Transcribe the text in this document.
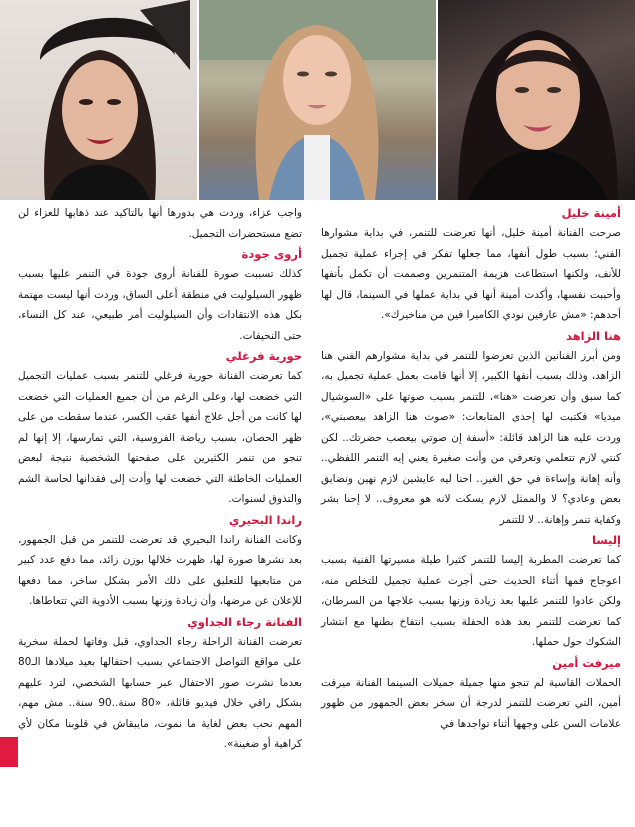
أمينة خليل

صرحت الفنانة أمينة خليل، أنها تعرضت للتنمر، في بداية مشوارها الفني؛ بسبب طول أنفها، مما جعلها تفكر في إجراء عملية تجميل للأنف، ولكنها استطاعت هزيمة المتنمرين وصممت أن تكمل بأنفها وأحببت نفسها، وأكدت أمينة أنها في بداية عملها في السينما، قال لها أحدهم: «مش عارفين نودي الكاميرا فين من مناخيرك».

هنا الزاهد

ومن أبرز الفنانين الذين تعرضوا للتنمر في بداية مشوارهم الفني هنا الزاهد، وذلك بسبب أنفها الكبير، إلا أنها قامت بعمل عملية تجميل به، كما سبق وأن تعرضت «هنا»، للتنمر بسبب صوتها على «السوشيال ميديا» فكتبت لها إحدى المتابعات: «صوت هنا الزاهد بيعصبني»، وردت عليه هنا الزاهد قائلة: «أسفة إن صوتي بيعصب حضرتك.. لكن كنتي لازم تتعلمي وتعرفي من وأنت صغيرة يعني إيه التنمر اللفظي.. وأنه إهانة وإساءة في حق الغير.. احنا ليه عايشين لازم نهين ونضايق بعض وعادي؟ لا والممثل لازم يسكت لانه هو معروف.. لا إحنا بشر وكفاية تنمر وإهانة.. لا للتنمر

إليسا

كما تعرضت المطربة إليسا للتنمر كثيرا طيلة مسيرتها الفنية بسبب اعوجاج فمها أثناء الحديث حتى أجرت عملية تجميل للتخلص منه، ولكن عادوا للتنمر عليها بعد زيادة وزنها بسبب علاجها من السرطان، كما تعرضت للتنمر بعد هذه الحفلة بسبب انتفاخ بطنها مع انتشار الشكوك حول حملها.

ميرفت أمين

الحملات القاسية لم تنجو منها جميلة جميلات السينما الفنانة ميرفت أمين، التي تعرضت للتنمر لدرجة أن سخر بعض الجمهور من ظهور علامات السن على وجهها أثناء تواجدها في

واجب عزاء، وردت هي بدورها أنها بالتاكيد عند ذهابها للعزاء لن تضع مستحضرات التجميل.

أروى جودة

كذلك تسببت صورة للفنانة أروى جودة في التنمر عليها بسبب ظهور السيلوليت في منطقة أعلى الساق، وردت أنها ليست مهتمة بكل هذه الانتقادات وأن السيلوليت أمر طبيعي، عند كل النساء، حتى النحيفات.

حورية فرغلي

كما تعرضت الفنانة حورية فرغلي للتنمر بسبب عمليات التجميل التي خضعت لها، وعلى الرغم من أن جميع العمليات التي خضعت لها كانت من أجل علاج أنفها عقب الكسر، عندما سقطت من على ظهر الحصان، بسبب رياضة الفروسية، التي تمارسها، إلا إنها لم تنجو من تنمر الكثيرين على صفحتها الشخصية نتيجة لبعض العمليات الخاطئة التي خضعت لها وأدت إلى فقدانها لحاسة الشم والتذوق لسنوات.

راندا البحيري

وكانت الفنانة راندا البحيري قد تعرضت للتنمر من قبل الجمهور، بعد نشرها صورة لها، ظهرت خلالها بوزن زائد، مما دفع عدد كبير من متابعيها للتعليق على ذلك الأمر بشكل ساخر، مما دفعها للإعلان عن مرضها، وأن زيادة وزنها بسبب الأدوية التي تتعاطاها.

الفنانة رجاء الجداوي

تعرضت الفنانة الراحلة رجاء الجداوي، قبل وفاتها لحملة سخرية على مواقع التواصل الاجتماعي بسبب احتفالها بعيد ميلادها الـ80 بعدما نشرت صور الاحتفال عبر حسابها الشخصي، لترد عليهم بشكل راقي خلال فيديو قائلة، «80 سنة..90 سنة.. مش مهم، المهم نحب بعض لغاية ما نموت، مايبقاش في قلوبنا مكان لأي كراهية أو ضغينة».
